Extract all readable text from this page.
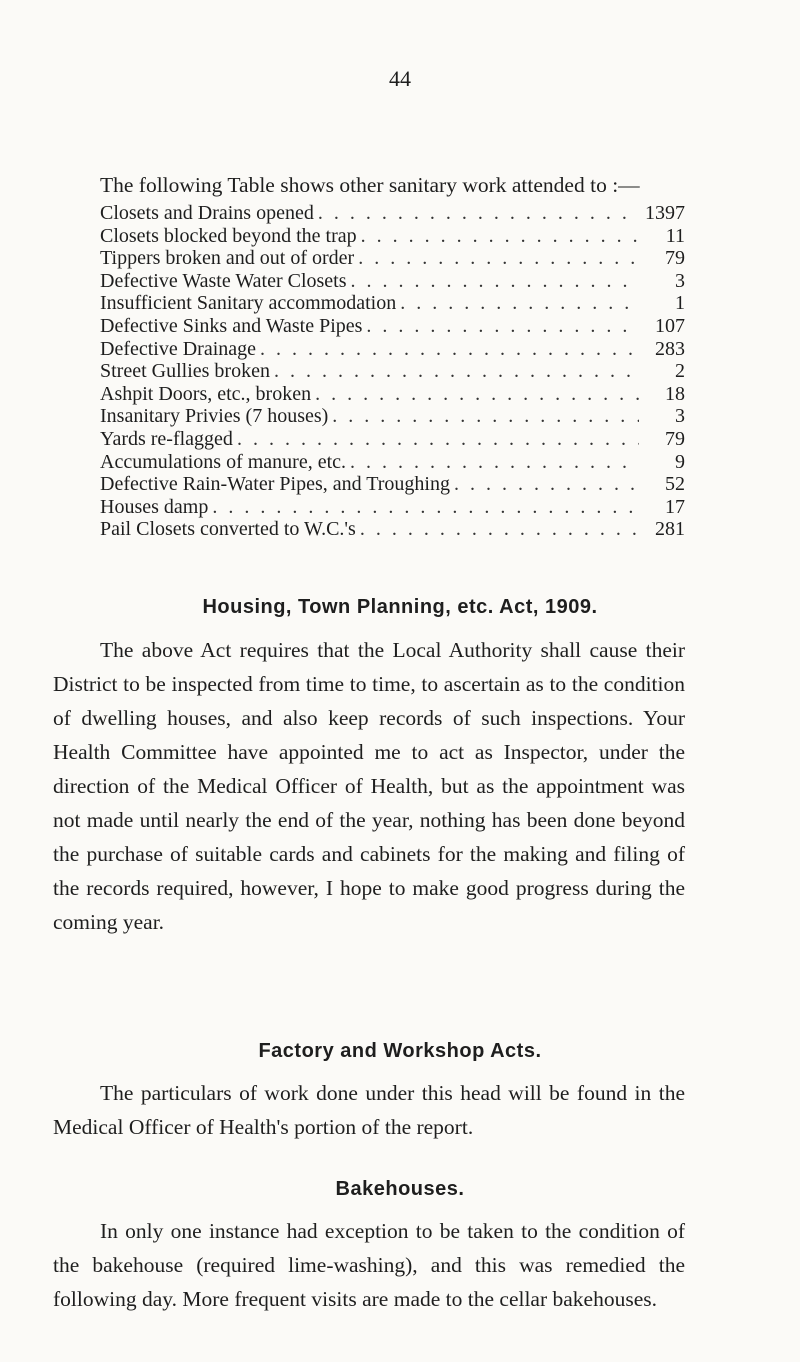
44

The following Table shows other sanitary work attended to :—

Closets and Drains opened . . .	1397
Closets blocked beyond the trap . . .	11
Tippers broken and out of order . . .	79
Defective Waste Water Closets . . .	3
Insufficient Sanitary accommodation . . .	1
Defective Sinks and Waste Pipes . . .	107
Defective Drainage . . .	283
Street Gullies broken . . .	2
Ashpit Doors, etc., broken . . .	18
Insanitary Privies (7 houses) . . .	3
Yards re-flagged . . .	79
Accumulations of manure, etc. . . .	9
Defective Rain-Water Pipes, and Troughing . . .	52
Houses damp . . .	17
Pail Closets converted to W.C.'s . . .	281
Housing, Town Planning, etc. Act, 1909.

The above Act requires that the Local Authority shall cause their District to be inspected from time to time, to ascertain as to the condition of dwelling houses, and also keep records of such inspections. Your Health Committee have appointed me to act as Inspector, under the direction of the Medical Officer of Health, but as the appointment was not made until nearly the end of the year, nothing has been done beyond the purchase of suitable cards and cabinets for the making and filing of the records required, however, I hope to make good progress during the coming year.

Factory and Workshop Acts.

The particulars of work done under this head will be found in the Medical Officer of Health's portion of the report.

Bakehouses.

In only one instance had exception to be taken to the condition of the bakehouse (required lime-washing), and this was remedied the following day. More frequent visits are made to the cellar bakehouses.
